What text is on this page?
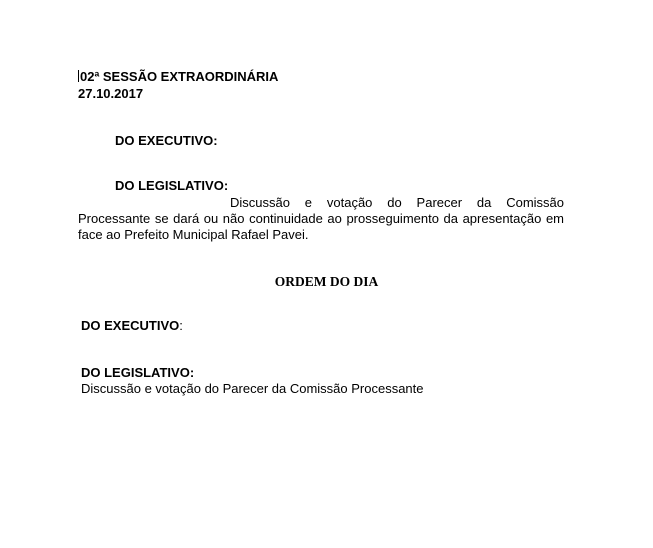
02ª SESSÃO EXTRAORDINÁRIA
27.10.2017
DO EXECUTIVO:
DO LEGISLATIVO:
Discussão e votação do Parecer da Comissão Processante se dará ou não continuidade ao prosseguimento da apresentação em face ao Prefeito Municipal Rafael Pavei.
ORDEM DO DIA
DO EXECUTIVO:
DO LEGISLATIVO:
Discussão e votação do Parecer da Comissão Processante
